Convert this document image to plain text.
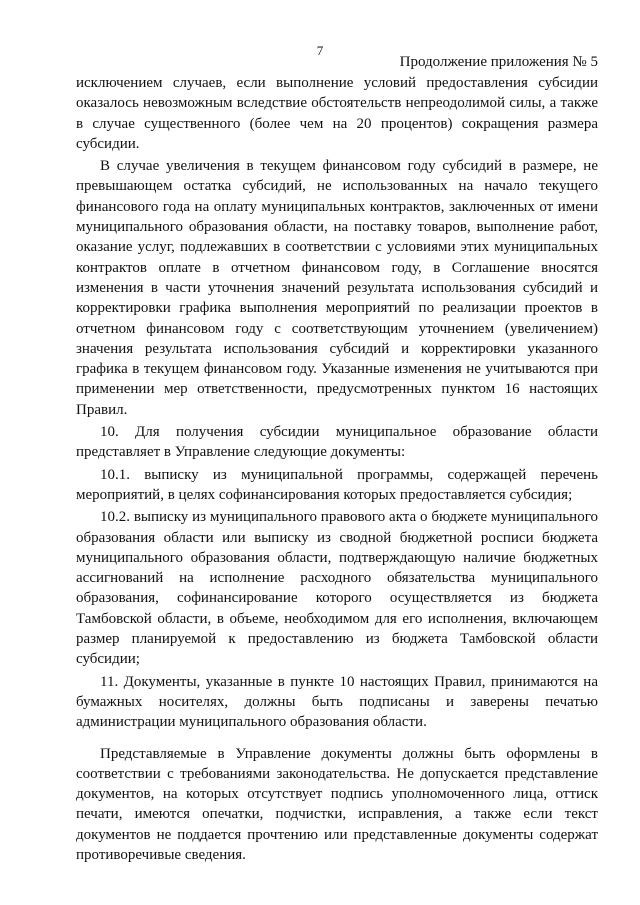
7
Продолжение приложения № 5

исключением случаев, если выполнение условий предоставления субсидии оказалось невозможным вследствие обстоятельств непреодолимой силы, а также в случае существенного (более чем на 20 процентов) сокращения размера субсидии.

В случае увеличения в текущем финансовом году субсидий в размере, не превышающем остатка субсидий, не использованных на начало текущего финансового года на оплату муниципальных контрактов, заключенных от имени муниципального образования области, на поставку товаров, выполнение работ, оказание услуг, подлежавших в соответствии с условиями этих муниципальных контрактов оплате в отчетном финансовом году, в Соглашение вносятся изменения в части уточнения значений результата использования субсидий и корректировки графика выполнения мероприятий по реализации проектов в отчетном финансовом году с соответствующим уточнением (увеличением) значения результата использования субсидий и корректировки указанного графика в текущем финансовом году. Указанные изменения не учитываются при применении мер ответственности, предусмотренных пунктом 16 настоящих Правил.

10. Для получения субсидии муниципальное образование области представляет в Управление следующие документы:

10.1. выписку из муниципальной программы, содержащей перечень мероприятий, в целях софинансирования которых предоставляется субсидия;

10.2. выписку из муниципального правового акта о бюджете муниципального образования области или выписку из сводной бюджетной росписи бюджета муниципального образования области, подтверждающую наличие бюджетных ассигнований на исполнение расходного обязательства муниципального образования, софинансирование которого осуществляется из бюджета Тамбовской области, в объеме, необходимом для его исполнения, включающем размер планируемой к предоставлению из бюджета Тамбовской области субсидии;

11. Документы, указанные в пункте 10 настоящих Правил, принимаются на бумажных носителях, должны быть подписаны и заверены печатью администрации муниципального образования области.

Представляемые в Управление документы должны быть оформлены в соответствии с требованиями законодательства. Не допускается представление документов, на которых отсутствует подпись уполномоченного лица, оттиск печати, имеются опечатки, подчистки, исправления, а также если текст документов не поддается прочтению или представленные документы содержат противоречивые сведения.
